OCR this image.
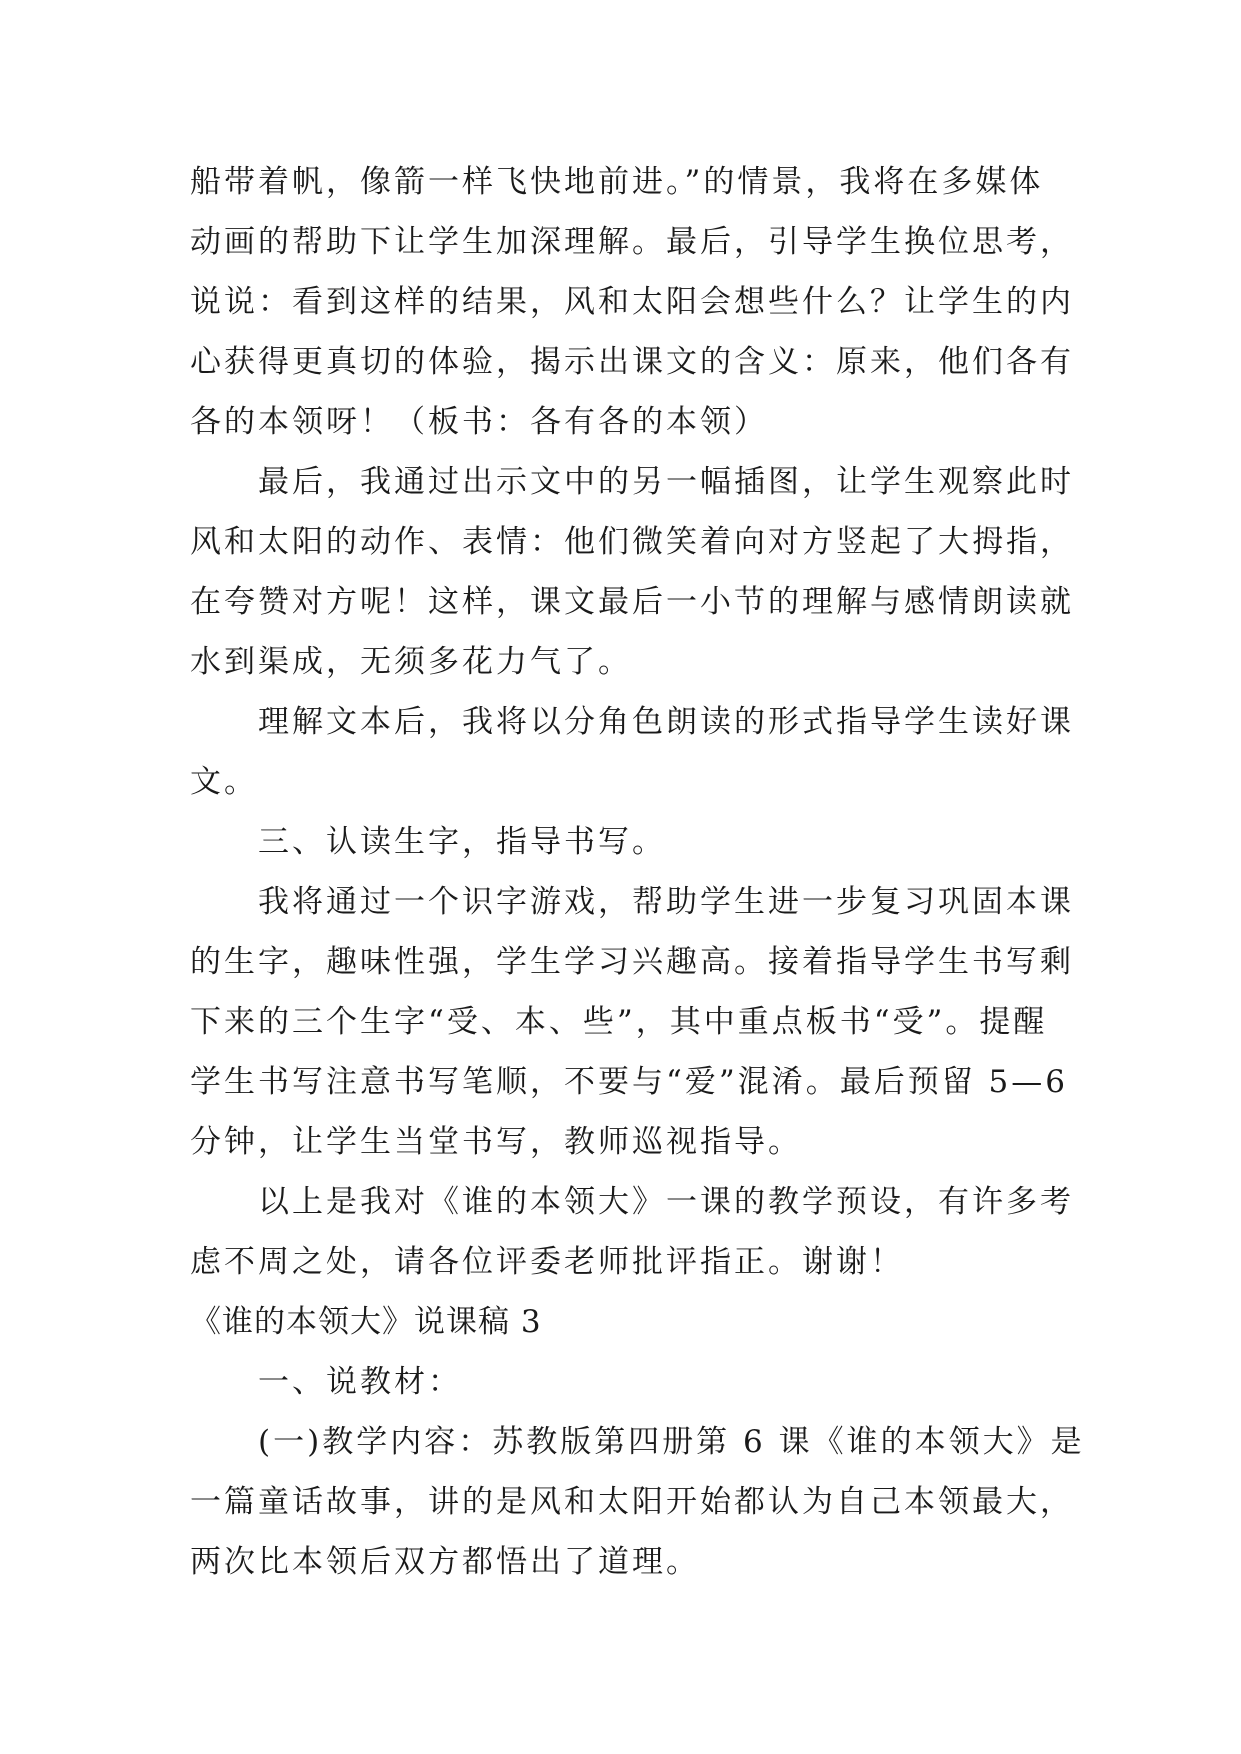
船带着帆，像箭一样飞快地前进。”的情景，我将在多媒体
动画的帮助下让学生加深理解。最后，引导学生换位思考，
说说：看到这样的结果，风和太阳会想些什么？让学生的内
心获得更真切的体验，揭示出课文的含义：原来，他们各有
各的本领呀！（板书：各有各的本领）
最后，我通过出示文中的另一幅插图，让学生观察此时
风和太阳的动作、表情：他们微笑着向对方竖起了大拇指，
在夸赞对方呢！这样，课文最后一小节的理解与感情朗读就
水到渠成，无须多花力气了。
理解文本后，我将以分角色朗读的形式指导学生读好课
文。
三、认读生字，指导书写。
我将通过一个识字游戏，帮助学生进一步复习巩固本课
的生字，趣味性强，学生学习兴趣高。接着指导学生书写剩
下来的三个生字“受、本、些”，其中重点板书“受”。提醒
学生书写注意书写笔顺，不要与“爱”混淆。最后预留 5—6
分钟，让学生当堂书写，教师巡视指导。
以上是我对《谁的本领大》一课的教学预设，有许多考
虑不周之处，请各位评委老师批评指正。谢谢！
《谁的本领大》说课稿 3
一、说教材：
(一)教学内容：苏教版第四册第 6 课《谁的本领大》是
一篇童话故事，讲的是风和太阳开始都认为自己本领最大，
两次比本领后双方都悟出了道理。
